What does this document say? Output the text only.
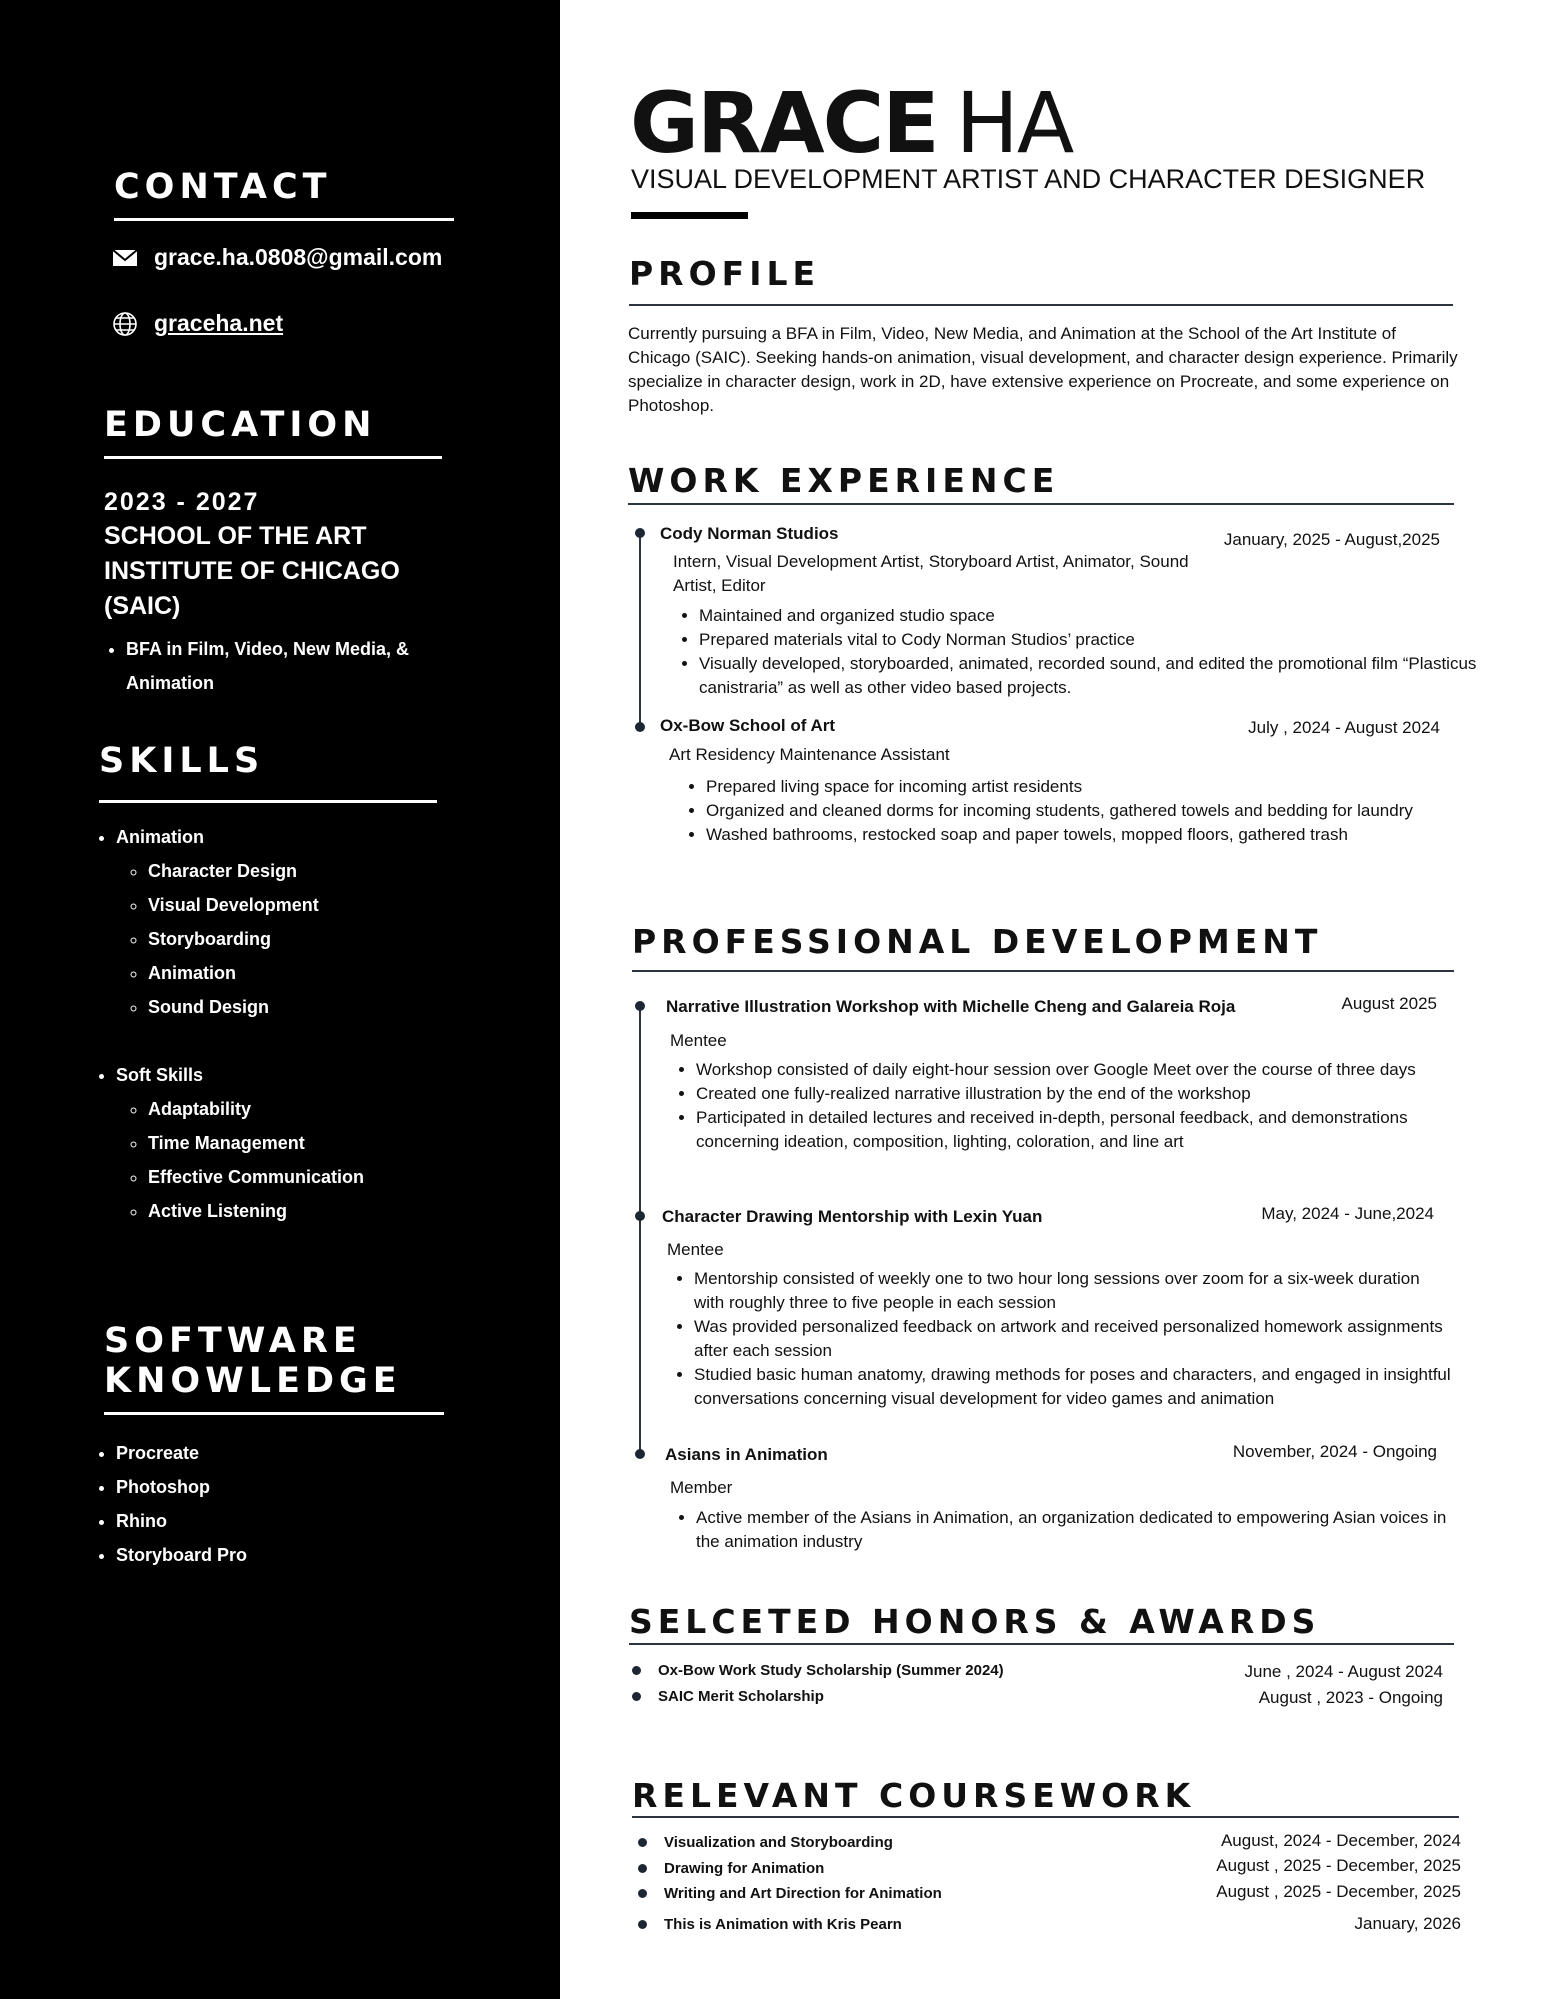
CONTACT
grace.ha.0808@gmail.com
graceha.net
EDUCATION
2023 - 2027
SCHOOL OF THE ART INSTITUTE OF CHICAGO (SAIC)
• BFA in Film, Video, New Media, & Animation
SKILLS
• Animation
◦ Character Design
◦ Visual Development
◦ Storyboarding
◦ Animation
◦ Sound Design
• Soft Skills
◦ Adaptability
◦ Time Management
◦ Effective Communication
◦ Active Listening
SOFTWARE
KNOWLEDGE
• Procreate
• Photoshop
• Rhino
• Storyboard Pro
GRACE HA
VISUAL DEVELOPMENT ARTIST AND CHARACTER DESIGNER
PROFILE

Currently pursuing a BFA in Film, Video, New Media, and Animation at the School of the Art Institute of Chicago (SAIC). Seeking hands-on animation, visual development, and character design experience. Primarily specialize in character design, work in 2D, have extensive experience on Procreate, and some experience on Photoshop.

WORK EXPERIENCE
Cody Norman Studios	January, 2025 - August,2025
Intern, Visual Development Artist, Storyboard Artist, Animator, Sound Artist, Editor
• Maintained and organized studio space
• Prepared materials vital to Cody Norman Studios’ practice
• Visually developed, storyboarded, animated, recorded sound, and edited the promotional film “Plasticus canistraria” as well as other video based projects.
Ox-Bow School of Art	July , 2024 - August 2024
Art Residency Maintenance Assistant
• Prepared living space for incoming artist residents
• Organized and cleaned dorms for incoming students, gathered towels and bedding for laundry
• Washed bathrooms, restocked soap and paper towels, mopped floors, gathered trash
PROFESSIONAL DEVELOPMENT
Narrative Illustration Workshop with Michelle Cheng and Galareia Roja	August 2025
Mentee
• Workshop consisted of daily eight-hour session over Google Meet over the course of three days
• Created one fully-realized narrative illustration by the end of the workshop
• Participated in detailed lectures and received in-depth, personal feedback, and demonstrations concerning ideation, composition, lighting, coloration, and line art
Character Drawing Mentorship with Lexin Yuan	May, 2024 - June,2024
Mentee
• Mentorship consisted of weekly one to two hour long sessions over zoom for a six-week duration with roughly three to five people in each session
• Was provided personalized feedback on artwork and received personalized homework assignments after each session
• Studied basic human anatomy, drawing methods for poses and characters, and engaged in insightful conversations concerning visual development for video games and animation
Asians in Animation	November, 2024 - Ongoing
Member
• Active member of the Asians in Animation, an organization dedicated to empowering Asian voices in the animation industry
SELCETED HONORS & AWARDS
Ox-Bow Work Study Scholarship (Summer 2024)	June , 2024 - August 2024
SAIC Merit Scholarship	August , 2023 - Ongoing
RELEVANT COURSEWORK
Visualization and Storyboarding	August, 2024 - December, 2024
Drawing for Animation	August , 2025 - December, 2025
Writing and Art Direction for Animation	August , 2025 - December, 2025
This is Animation with Kris Pearn	January, 2026
